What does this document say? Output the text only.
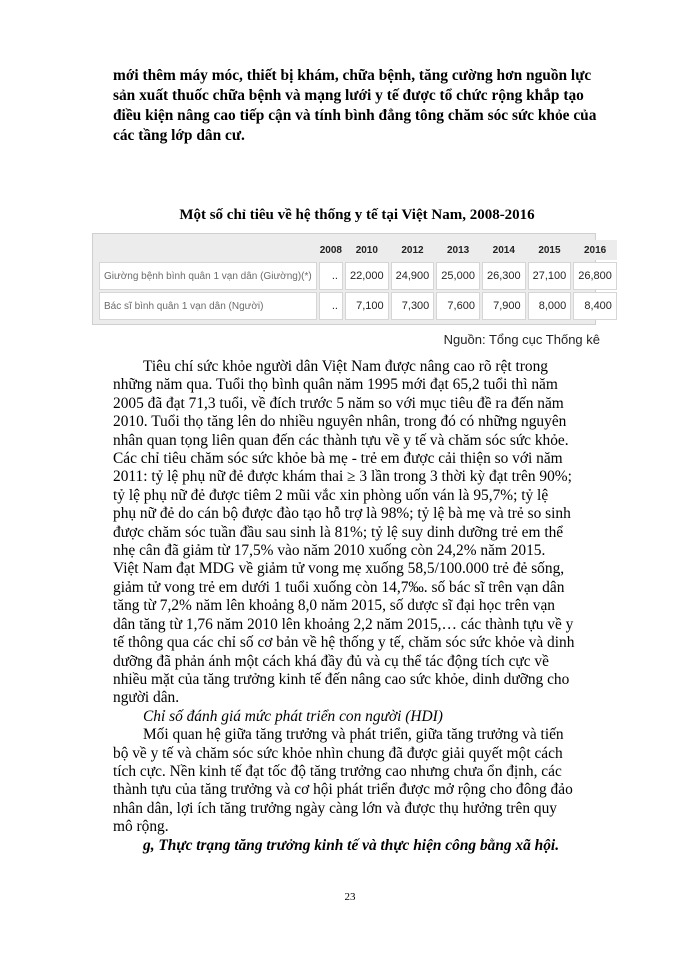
mới thêm máy móc, thiết bị khám, chữa bệnh, tăng cường hơn nguồn lực
sản xuất thuốc chữa bệnh và mạng lưới y tế được tổ chức rộng khắp tạo
điều kiện nâng cao tiếp cận và tính bình đẳng tông chăm sóc sức khỏe của
các tầng lớp dân cư.
Một số chỉ tiêu về hệ thống y tế tại Việt Nam, 2008-2016
	2008	2010	2012	2013	2014	2015	2016
Giường bệnh bình quân 1 vạn dân (Giường)(*)	..	22,000	24,900	25,000	26,300	27,100	26,800
Bác sĩ bình quân 1 vạn dân (Người)	..	7,100	7,300	7,600	7,900	8,000	8,400
Nguồn: Tổng cục Thống kê
Tiêu chí sức khỏe người dân Việt Nam được nâng cao rõ rệt trong
những năm qua. Tuổi thọ bình quân năm 1995 mới đạt 65,2 tuổi thì năm
2005 đã đạt 71,3 tuổi, về đích trước 5 năm so với mục tiêu đề ra đến năm
2010. Tuổi thọ tăng lên do nhiều nguyên nhân, trong đó có những nguyên
nhân quan tọng liên quan đến các thành tựu về y tế và chăm sóc sức khỏe.
Các chỉ tiêu chăm sóc sức khỏe bà mẹ - trẻ em được cải thiện so với năm
2011: tỷ lệ phụ nữ đẻ được khám thai ≥ 3 lần trong 3 thời kỳ đạt trên 90%;
tỷ lệ phụ nữ đẻ được tiêm 2 mũi vắc xin phòng uốn ván là 95,7%; tỷ lệ
phụ nữ đẻ do cán bộ được đào tạo hỗ trợ là 98%; tỷ lệ bà mẹ và trẻ so sinh
được chăm sóc tuần đầu sau sinh là 81%; tỷ lệ suy dinh dưỡng trẻ em thể
nhẹ cân đã giảm từ 17,5% vào năm 2010 xuống còn 24,2% năm 2015.
Việt Nam đạt MDG về giảm tử vong mẹ xuống 58,5/100.000 trẻ đẻ sống,
giảm tử vong trẻ em dưới 1 tuổi xuống còn 14,7‰. số bác sĩ trên vạn dân
tăng từ 7,2% năm lên khoảng 8,0 năm 2015, số dược sĩ đại học trên vạn
dân tăng từ 1,76 năm 2010 lên khoảng 2,2 năm 2015,… các thành tựu về y
tế thông qua các chỉ số cơ bản về hệ thống y tế, chăm sóc sức khỏe và dinh
dưỡng đã phản ánh một cách khá đầy đủ và cụ thể tác động tích cực về
nhiều mặt của tăng trưởng kinh tế đến nâng cao sức khỏe, dinh dưỡng cho
người dân.
Chỉ số đánh giá mức phát triển con người (HDI)
Mối quan hệ giữa tăng trưởng và phát triển, giữa tăng trưởng và tiến
bộ về y tế và chăm sóc sức khỏe nhìn chung đã được giải quyết một cách
tích cực. Nền kinh tế đạt tốc độ tăng trưởng cao nhưng chưa ổn định, các
thành tựu của tăng trưởng và cơ hội phát triển được mở rộng cho đông đảo
nhân dân, lợi ích tăng trưởng ngày càng lớn và được thụ hưởng trên quy
mô rộng.
g, Thực trạng tăng trưởng kinh tế và thực hiện công bằng xã hội.
23
